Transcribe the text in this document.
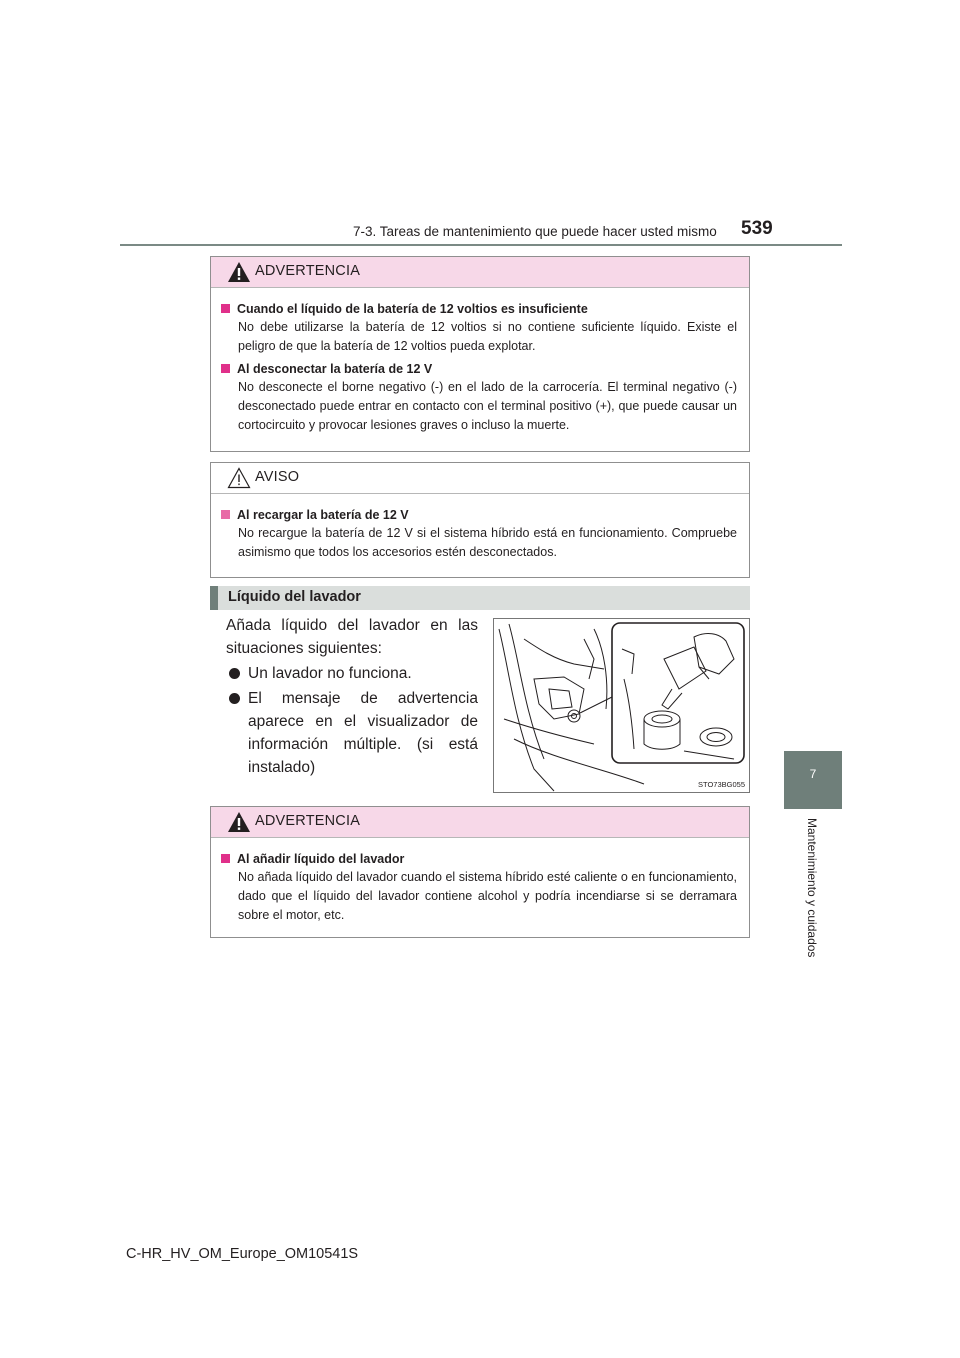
7-3. Tareas de mantenimiento que puede hacer usted mismo 539
7
Mantenimiento y cuidados
ADVERTENCIA
Cuando el líquido de la batería de 12 voltios es insuficiente
No debe utilizarse la batería de 12 voltios si no contiene suficiente líquido. Existe el peligro de que la batería de 12 voltios pueda explotar.
Al desconectar la batería de 12 V
No desconecte el borne negativo (-) en el lado de la carrocería. El terminal negativo (-) desconectado puede entrar en contacto con el terminal positivo (+), que puede causar un cortocircuito y provocar lesiones graves o incluso la muerte.
AVISO
Al recargar la batería de 12 V
No recargue la batería de 12 V si el sistema híbrido está en funcionamiento. Compruebe asimismo que todos los accesorios estén desconectados.
Líquido del lavador

Añada líquido del lavador en las situaciones siguientes:

Un lavador no funciona.
El mensaje de advertencia aparece en el visualizador de información múltiple. (si está instalado)
STO73BG055
ADVERTENCIA
Al añadir líquido del lavador
No añada líquido del lavador cuando el sistema híbrido esté caliente o en funcionamiento, dado que el líquido del lavador contiene alcohol y podría incendiarse si se derramara sobre el motor, etc.
C-HR_HV_OM_Europe_OM10541S
